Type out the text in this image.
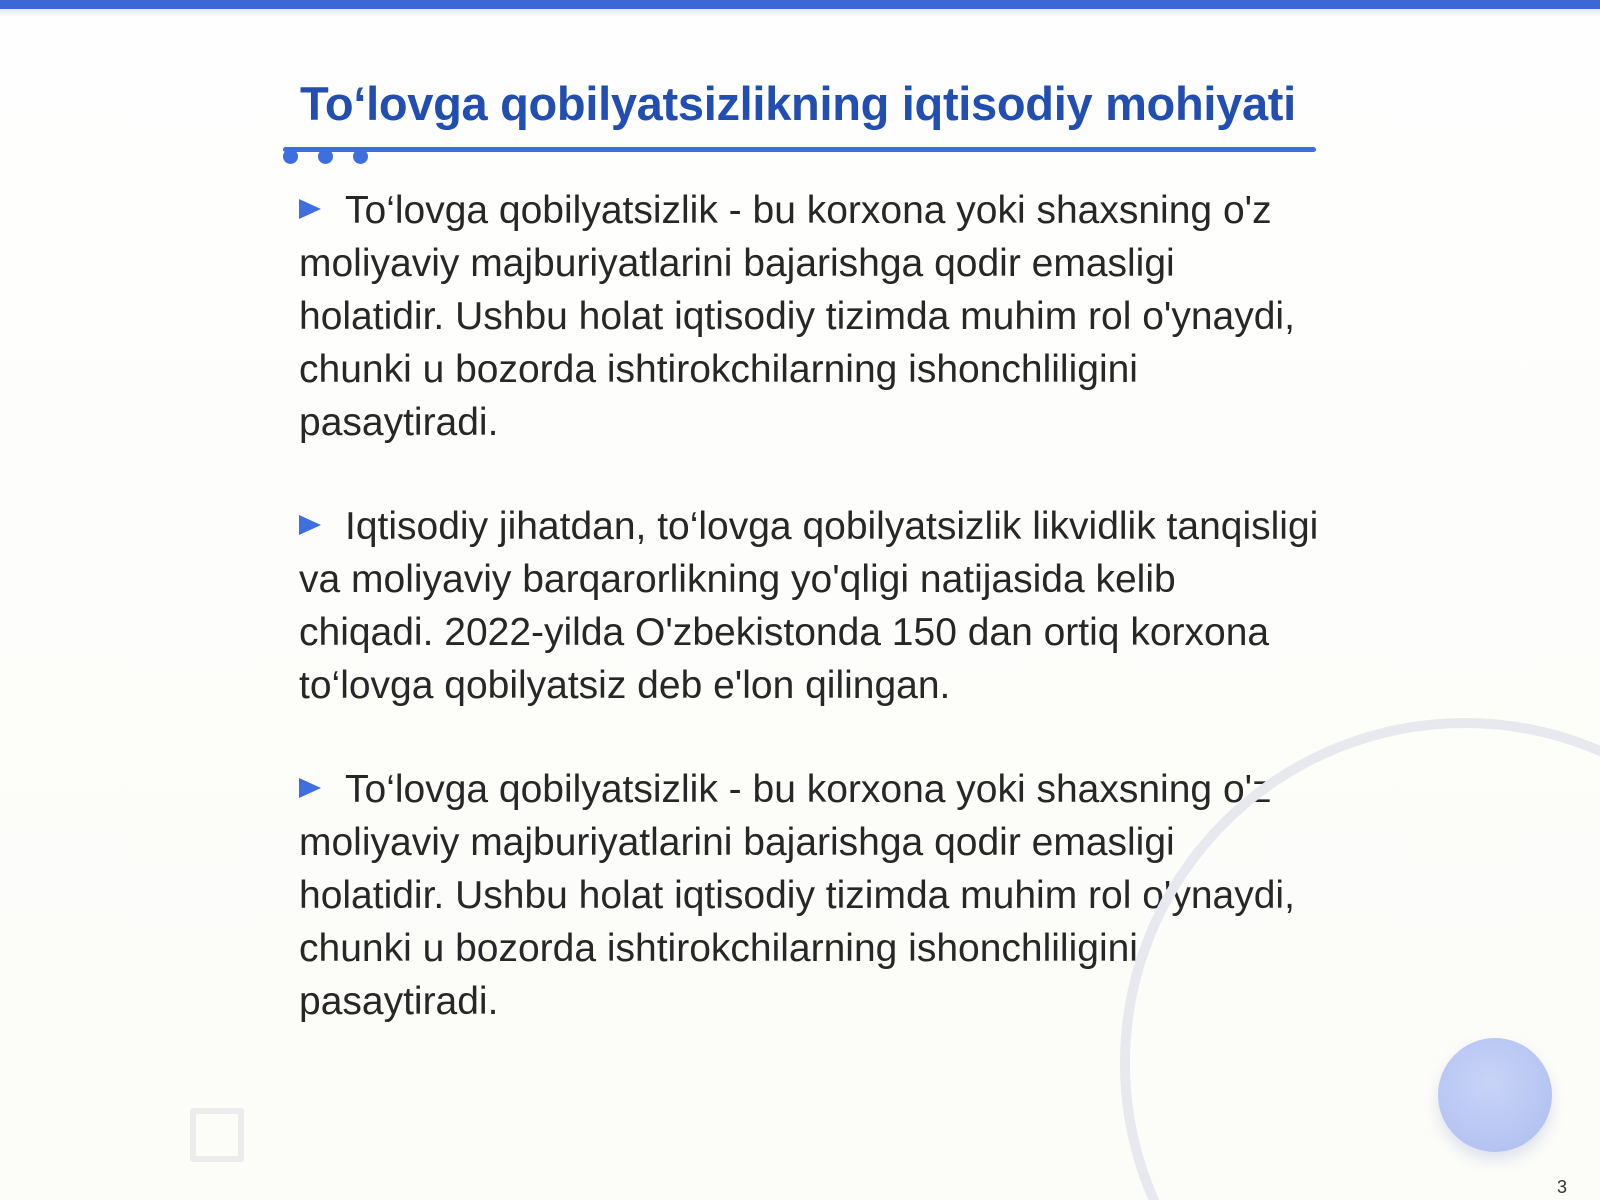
To‘lovga qobilyatsizlikning iqtisodiy mohiyati

To‘lovga qobilyatsizlik - bu korxona yoki shaxsning o'z moliyaviy majburiyatlarini bajarishga qodir emasligi holatidir. Ushbu holat iqtisodiy tizimda muhim rol o'ynaydi, chunki u bozorda ishtirokchilarning ishonchliligini pasaytiradi.

Iqtisodiy jihatdan, to‘lovga qobilyatsizlik likvidlik tanqisligi va moliyaviy barqarorlikning yo'qligi natijasida kelib chiqadi. 2022-yilda O'zbekistonda 150 dan ortiq korxona to‘lovga qobilyatsiz deb e'lon qilingan.

To‘lovga qobilyatsizlik - bu korxona yoki shaxsning o'z moliyaviy majburiyatlarini bajarishga qodir emasligi holatidir. Ushbu holat iqtisodiy tizimda muhim rol o'ynaydi, chunki u bozorda ishtirokchilarning ishonchliligini pasaytiradi.

3
